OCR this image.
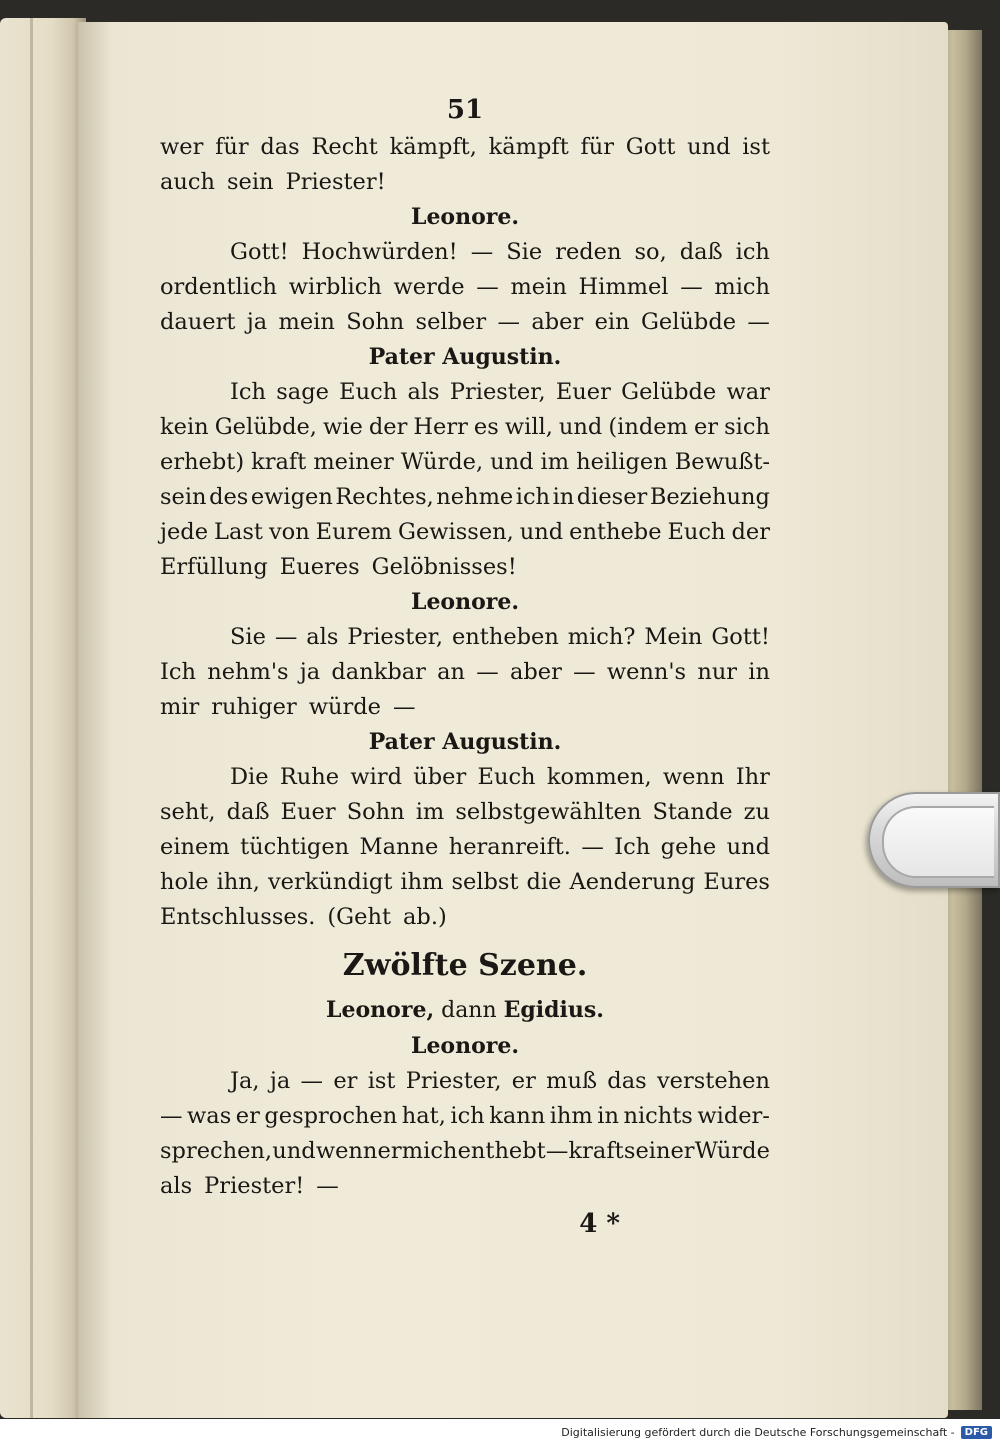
51
wer für das Recht kämpft, kämpft für Gott und ist
auch sein Priester!
Leonore.
Gott! Hochwürden! — Sie reden so, daß ich
ordentlich wirblich werde — mein Himmel — mich
dauert ja mein Sohn selber — aber ein Gelübde —
Pater Augustin.
Ich sage Euch als Priester, Euer Gelübde war
kein Gelübde, wie der Herr es will, und (indem er sich
erhebt) kraft meiner Würde, und im heiligen Bewußt-
sein des ewigen Rechtes, nehme ich in dieser Beziehung
jede Last von Eurem Gewissen, und enthebe Euch der
Erfüllung Eueres Gelöbnisses!
Leonore.
Sie — als Priester, entheben mich? Mein Gott!
Ich nehm's ja dankbar an — aber — wenn's nur in
mir ruhiger würde —
Pater Augustin.
Die Ruhe wird über Euch kommen, wenn Ihr
seht, daß Euer Sohn im selbstgewählten Stande zu
einem tüchtigen Manne heranreift. — Ich gehe und
hole ihn, verkündigt ihm selbst die Aenderung Eures
Entschlusses. (Geht ab.)
Zwölfte Szene.
Leonore, dann Egidius.
Leonore.
Ja, ja — er ist Priester, er muß das verstehen
— was er gesprochen hat, ich kann ihm in nichts wider-
sprechen, und wenn er mich enthebt — kraft seiner Würde
als Priester! —
4 *
Digitalisierung gefördert durch die Deutsche Forschungsgemeinschaft -	DFG
